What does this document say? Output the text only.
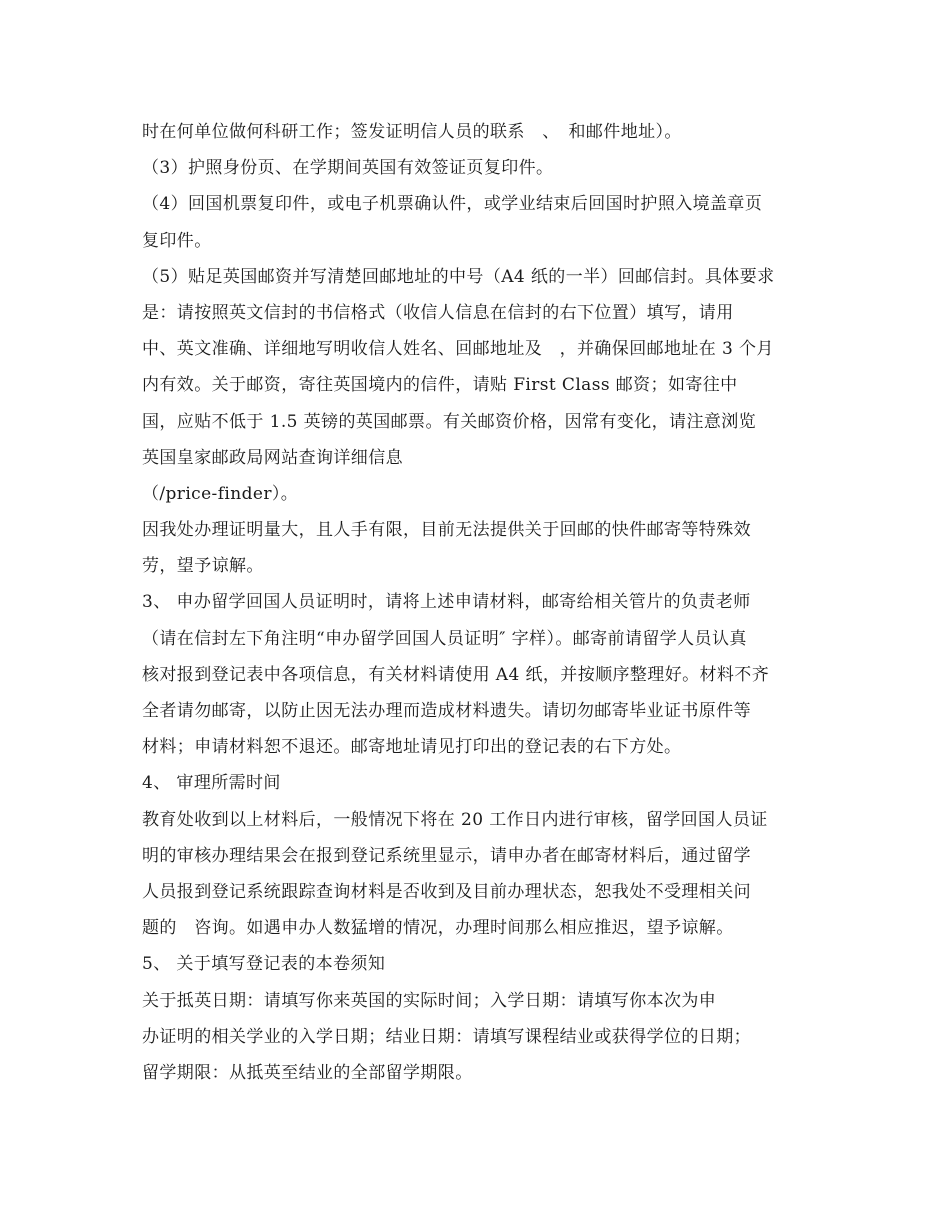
时在何单位做何科研工作；签发证明信人员的联系　、　和邮件地址）。
（3）护照身份页、在学期间英国有效签证页复印件。
（4）回国机票复印件，或电子机票确认件，或学业结束后回国时护照入境盖章页
复印件。
（5）贴足英国邮资并写清楚回邮地址的中号（A4 纸的一半）回邮信封。具体要求
是：请按照英文信封的书信格式（收信人信息在信封的右下位置）填写，请用
中、英文准确、详细地写明收信人姓名、回邮地址及　，并确保回邮地址在 3 个月
内有效。关于邮资，寄往英国境内的信件，请贴 First Class 邮资；如寄往中
国，应贴不低于 1.5 英镑的英国邮票。有关邮资价格，因常有变化，请注意浏览
英国皇家邮政局网站查询详细信息
（/price-finder）。
因我处办理证明量大，且人手有限，目前无法提供关于回邮的快件邮寄等特殊效
劳，望予谅解。
3、 申办留学回国人员证明时，请将上述申请材料，邮寄给相关管片的负责老师
（请在信封左下角注明“申办留学回国人员证明″ 字样）。邮寄前请留学人员认真
核对报到登记表中各项信息，有关材料请使用 A4 纸，并按顺序整理好。材料不齐
全者请勿邮寄，以防止因无法办理而造成材料遗失。请切勿邮寄毕业证书原件等
材料；申请材料恕不退还。邮寄地址请见打印出的登记表的右下方处。
4、 审理所需时间
教育处收到以上材料后，一般情况下将在 20 工作日内进行审核，留学回国人员证
明的审核办理结果会在报到登记系统里显示，请申办者在邮寄材料后，通过留学
人员报到登记系统跟踪查询材料是否收到及目前办理状态，恕我处不受理相关问
题的　咨询。如遇申办人数猛增的情况，办理时间那么相应推迟，望予谅解。
5、 关于填写登记表的本卷须知
关于抵英日期：请填写你来英国的实际时间；入学日期：请填写你本次为申
办证明的相关学业的入学日期；结业日期：请填写课程结业或获得学位的日期；
留学期限：从抵英至结业的全部留学期限。
